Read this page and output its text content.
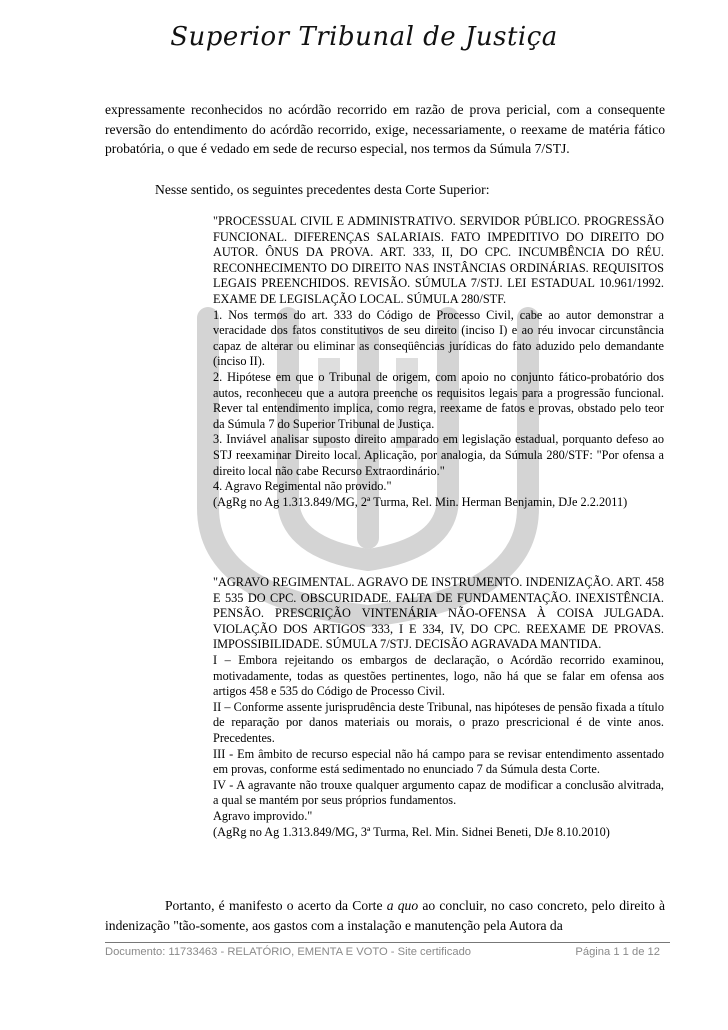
Superior Tribunal de Justiça
expressamente reconhecidos no acórdão recorrido em razão de prova pericial, com a consequente reversão do entendimento do acórdão recorrido, exige, necessariamente, o reexame de matéria fático probatória, o que é vedado em sede de recurso especial, nos termos da Súmula 7/STJ.
Nesse sentido, os seguintes precedentes desta Corte Superior:

"PROCESSUAL CIVIL E ADMINISTRATIVO. SERVIDOR PÚBLICO. PROGRESSÃO FUNCIONAL. DIFERENÇAS SALARIAIS. FATO IMPEDITIVO DO DIREITO DO AUTOR. ÔNUS DA PROVA. ART. 333, II, DO CPC. INCUMBÊNCIA DO RÉU. RECONHECIMENTO DO DIREITO NAS INSTÂNCIAS ORDINÁRIAS. REQUISITOS LEGAIS PREENCHIDOS. REVISÃO. SÚMULA 7/STJ. LEI ESTADUAL 10.961/1992. EXAME DE LEGISLAÇÃO LOCAL. SÚMULA 280/STF.

1. Nos termos do art. 333 do Código de Processo Civil, cabe ao autor demonstrar a veracidade dos fatos constitutivos de seu direito (inciso I) e ao réu invocar circunstância capaz de alterar ou eliminar as conseqüências jurídicas do fato aduzido pelo demandante (inciso II).

2. Hipótese em que o Tribunal de origem, com apoio no conjunto fático-probatório dos autos, reconheceu que a autora preenche os requisitos legais para a progressão funcional. Rever tal entendimento implica, como regra, reexame de fatos e provas, obstado pelo teor da Súmula 7 do Superior Tribunal de Justiça.

3. Inviável analisar suposto direito amparado em legislação estadual, porquanto defeso ao STJ reexaminar Direito local. Aplicação, por analogia, da Súmula 280/STF: "Por ofensa a direito local não cabe Recurso Extraordinário."

4. Agravo Regimental não provido."

(AgRg no Ag 1.313.849/MG, 2ª Turma, Rel. Min. Herman Benjamin, DJe 2.2.2011)

"AGRAVO REGIMENTAL. AGRAVO DE INSTRUMENTO. INDENIZAÇÃO. ART. 458 E 535 DO CPC. OBSCURIDADE. FALTA DE FUNDAMENTAÇÃO. INEXISTÊNCIA. PENSÃO. PRESCRIÇÃO VINTENÁRIA NÃO-OFENSA À COISA JULGADA. VIOLAÇÃO DOS ARTIGOS 333, I E 334, IV, DO CPC. REEXAME DE PROVAS. IMPOSSIBILIDADE. SÚMULA 7/STJ. DECISÃO AGRAVADA MANTIDA.

I – Embora rejeitando os embargos de declaração, o Acórdão recorrido examinou, motivadamente, todas as questões pertinentes, logo, não há que se falar em ofensa aos artigos 458 e 535 do Código de Processo Civil.

II – Conforme assente jurisprudência deste Tribunal, nas hipóteses de pensão fixada a título de reparação por danos materiais ou morais, o prazo prescricional é de vinte anos. Precedentes.

III - Em âmbito de recurso especial não há campo para se revisar entendimento assentado em provas, conforme está sedimentado no enunciado 7 da Súmula desta Corte.

IV - A agravante não trouxe qualquer argumento capaz de modificar a conclusão alvitrada, a qual se mantém por seus próprios fundamentos.

Agravo improvido."

(AgRg no Ag 1.313.849/MG, 3ª Turma, Rel. Min. Sidnei Beneti, DJe 8.10.2010)

Portanto, é manifesto o acerto da Corte a quo ao concluir, no caso concreto, pelo direito à indenização "tão-somente, aos gastos com a instalação e manutenção pela Autora da
Documento: 11733463 - RELATÓRIO, EMENTA E VOTO - Site certificado	Página 1 1 de 12
